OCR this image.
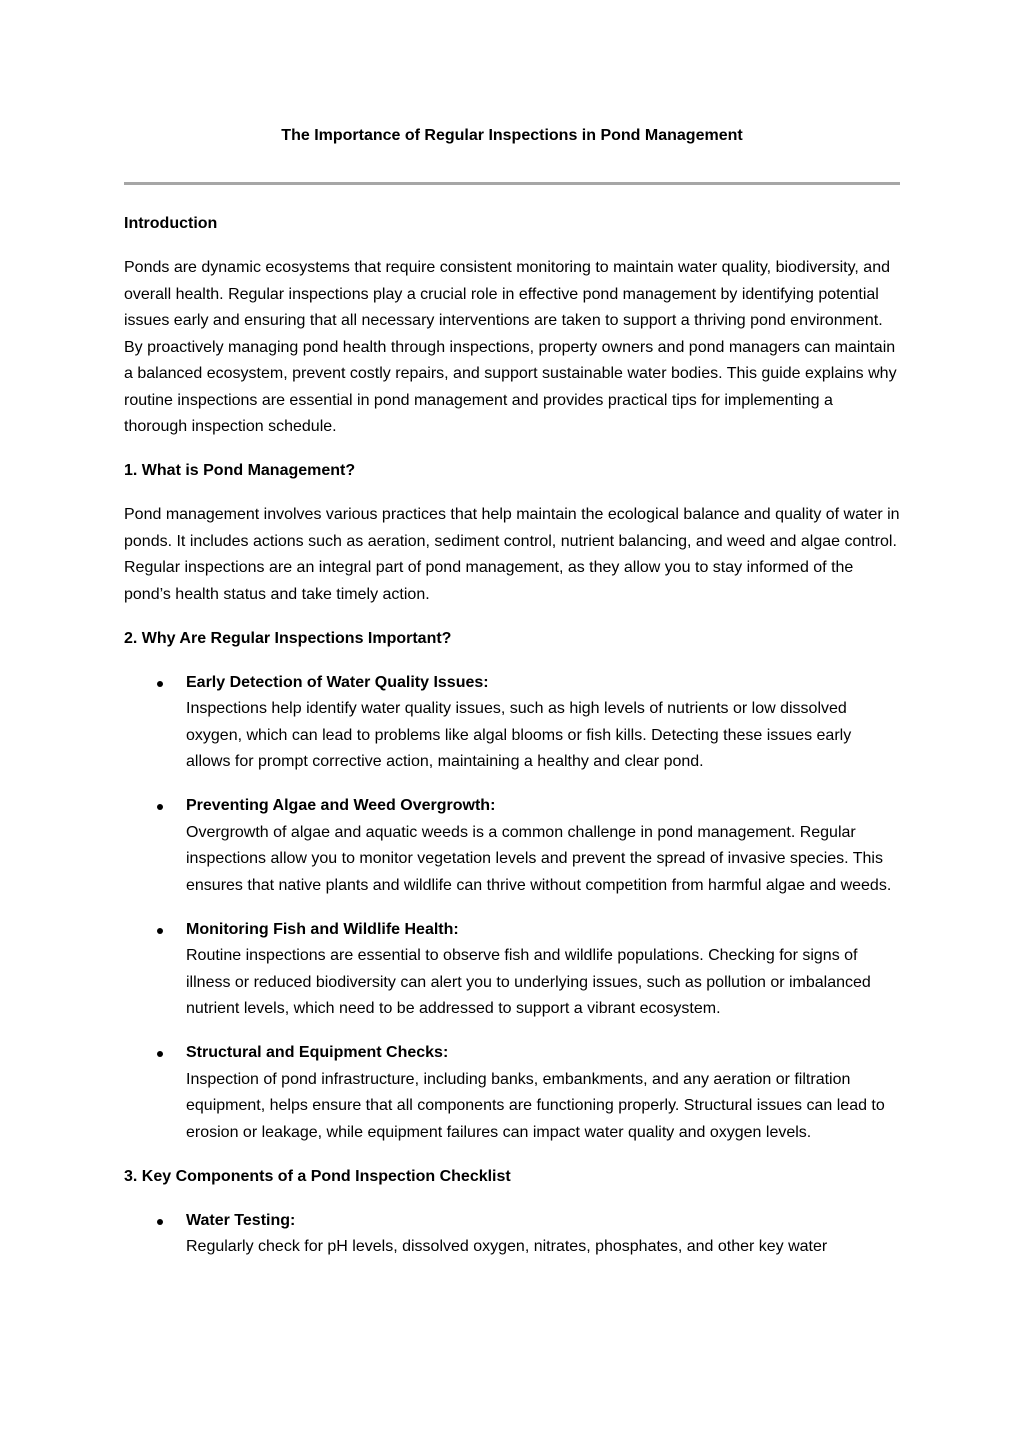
The Importance of Regular Inspections in Pond Management
Introduction

Ponds are dynamic ecosystems that require consistent monitoring to maintain water quality, biodiversity, and overall health. Regular inspections play a crucial role in effective pond management by identifying potential issues early and ensuring that all necessary interventions are taken to support a thriving pond environment. By proactively managing pond health through inspections, property owners and pond managers can maintain a balanced ecosystem, prevent costly repairs, and support sustainable water bodies. This guide explains why routine inspections are essential in pond management and provides practical tips for implementing a thorough inspection schedule.

1. What is Pond Management?

Pond management involves various practices that help maintain the ecological balance and quality of water in ponds. It includes actions such as aeration, sediment control, nutrient balancing, and weed and algae control. Regular inspections are an integral part of pond management, as they allow you to stay informed of the pond’s health status and take timely action.

2. Why Are Regular Inspections Important?
Early Detection of Water Quality Issues:
Inspections help identify water quality issues, such as high levels of nutrients or low dissolved oxygen, which can lead to problems like algal blooms or fish kills. Detecting these issues early allows for prompt corrective action, maintaining a healthy and clear pond.
Preventing Algae and Weed Overgrowth:
Overgrowth of algae and aquatic weeds is a common challenge in pond management. Regular inspections allow you to monitor vegetation levels and prevent the spread of invasive species. This ensures that native plants and wildlife can thrive without competition from harmful algae and weeds.
Monitoring Fish and Wildlife Health:
Routine inspections are essential to observe fish and wildlife populations. Checking for signs of illness or reduced biodiversity can alert you to underlying issues, such as pollution or imbalanced nutrient levels, which need to be addressed to support a vibrant ecosystem.
Structural and Equipment Checks:
Inspection of pond infrastructure, including banks, embankments, and any aeration or filtration equipment, helps ensure that all components are functioning properly. Structural issues can lead to erosion or leakage, while equipment failures can impact water quality and oxygen levels.
3. Key Components of a Pond Inspection Checklist
Water Testing:
Regularly check for pH levels, dissolved oxygen, nitrates, phosphates, and other key water
